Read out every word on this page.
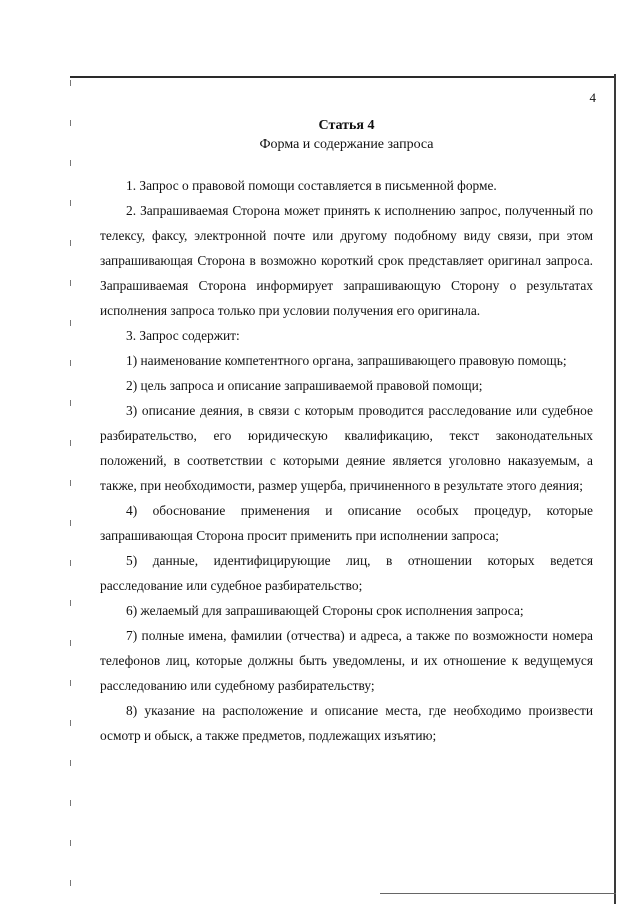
4
Статья 4
Форма и содержание запроса

1. Запрос о правовой помощи составляется в письменной форме.

2. Запрашиваемая Сторона может принять к исполнению запрос, полученный по телексу, факсу, электронной почте или другому подобному виду связи, при этом запрашивающая Сторона в возможно короткий срок представляет оригинал запроса. Запрашиваемая Сторона информирует запрашивающую Сторону о результатах исполнения запроса только при условии получения его оригинала.

3. Запрос содержит:

1) наименование компетентного органа, запрашивающего правовую помощь;

2) цель запроса и описание запрашиваемой правовой помощи;

3) описание деяния, в связи с которым проводится расследование или судебное разбирательство, его юридическую квалификацию, текст законодательных положений, в соответствии с которыми деяние является уголовно наказуемым, а также, при необходимости, размер ущерба, причиненного в результате этого деяния;

4) обоснование применения и описание особых процедур, которые запрашивающая Сторона просит применить при исполнении запроса;

5) данные, идентифицирующие лиц, в отношении которых ведется расследование или судебное разбирательство;

6) желаемый для запрашивающей Стороны срок исполнения запроса;

7) полные имена, фамилии (отчества) и адреса, а также по возможности номера телефонов лиц, которые должны быть уведомлены, и их отношение к ведущемуся расследованию или судебному разбирательству;

8) указание на расположение и описание места, где необходимо произвести осмотр и обыск, а также предметов, подлежащих изъятию;
